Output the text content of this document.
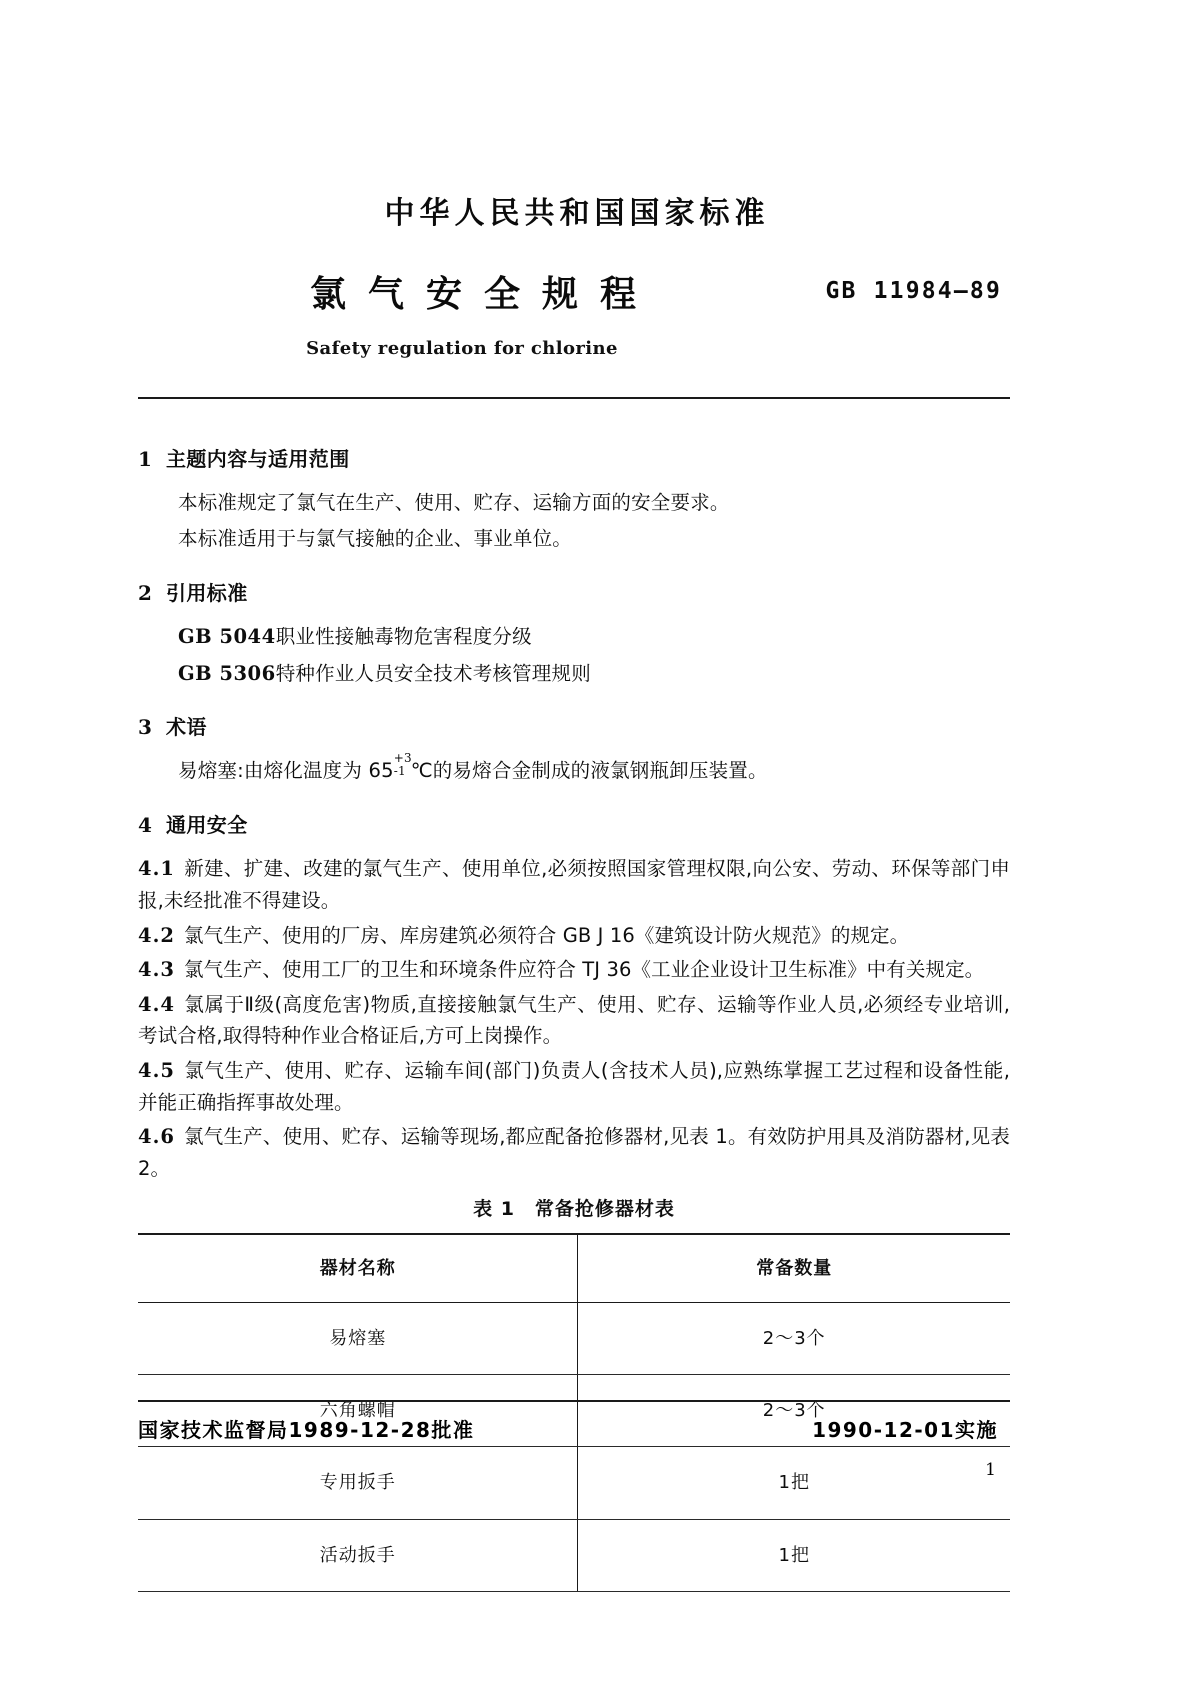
中华人民共和国国家标准
氯气安全规程	GB 11984—89
Safety regulation for chlorine
1 主题内容与适用范围
本标准规定了氯气在生产、使用、贮存、运输方面的安全要求。
本标准适用于与氯气接触的企业、事业单位。
2 引用标准
GB 5044职业性接触毒物危害程度分级
GB 5306特种作业人员安全技术考核管理规则
3 术语
易熔塞:由熔化温度为 65
+3
-1 ℃的易熔合金制成的液氯钢瓶卸压装置。
4 通用安全
4.1 新建、扩建、改建的氯气生产、使用单位,必须按照国家管理权限,向公安、劳动、环保等部门申报,未经批准不得建设。
4.2 氯气生产、使用的厂房、库房建筑必须符合 GB J 16《建筑设计防火规范》的规定。
4.3 氯气生产、使用工厂的卫生和环境条件应符合 TJ 36《工业企业设计卫生标准》中有关规定。
4.4 氯属于Ⅱ级(高度危害)物质,直接接触氯气生产、使用、贮存、运输等作业人员,必须经专业培训,考试合格,取得特种作业合格证后,方可上岗操作。
4.5 氯气生产、使用、贮存、运输车间(部门)负责人(含技术人员),应熟练掌握工艺过程和设备性能,并能正确指挥事故处理。
4.6 氯气生产、使用、贮存、运输等现场,都应配备抢修器材,见表 1。有效防护用具及消防器材,见表 2。
表 1　常备抢修器材表
器材名称	常备数量
易熔塞	2～3个
六角螺帽	2～3个
专用扳手	1把
活动扳手	1把
国家技术监督局1989-12-28批准	1990-12-01实施
1
